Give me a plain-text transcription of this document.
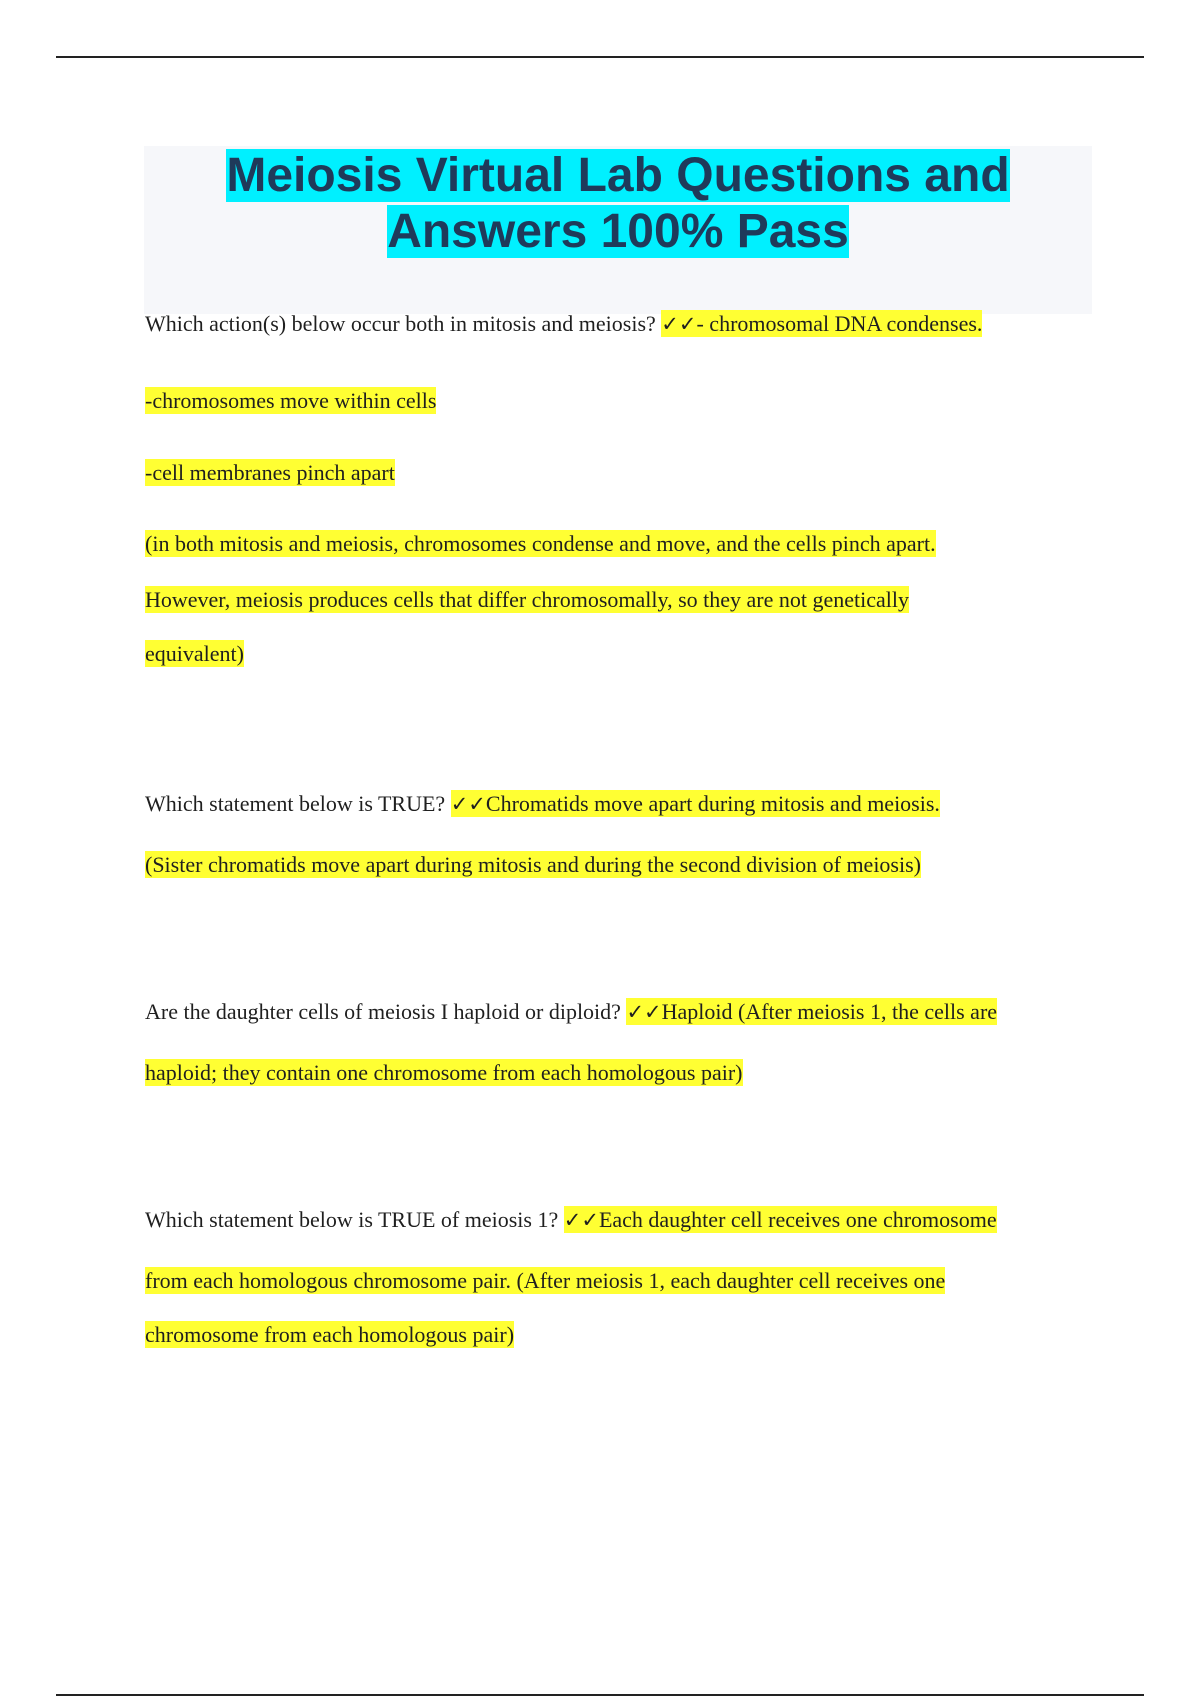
Meiosis Virtual Lab Questions and
Answers 100% Pass
Which action(s) below occur both in mitosis and meiosis? ✓✓- chromosomal DNA condenses.
-chromosomes move within cells
-cell membranes pinch apart
(in both mitosis and meiosis, chromosomes condense and move, and the cells pinch apart.
However, meiosis produces cells that differ chromosomally, so they are not genetically
equivalent)
Which statement below is TRUE? ✓✓Chromatids move apart during mitosis and meiosis.
(Sister chromatids move apart during mitosis and during the second division of meiosis)
Are the daughter cells of meiosis I haploid or diploid? ✓✓Haploid (After meiosis 1, the cells are
haploid; they contain one chromosome from each homologous pair)
Which statement below is TRUE of meiosis 1? ✓✓Each daughter cell receives one chromosome
from each homologous chromosome pair. (After meiosis 1, each daughter cell receives one
chromosome from each homologous pair)
